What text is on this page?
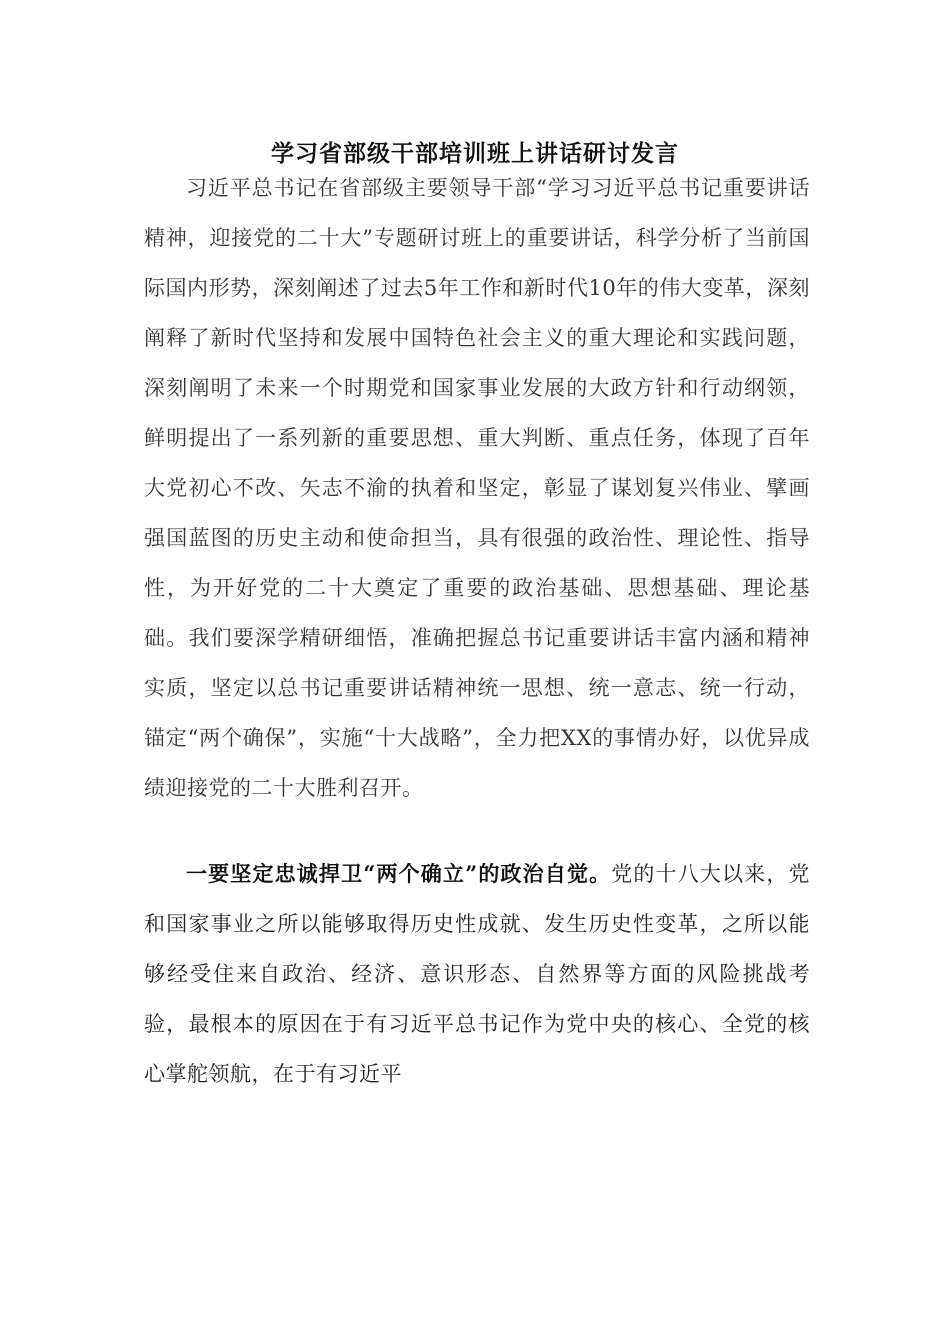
学习省部级干部培训班上讲话研讨发言

习近平总书记在省部级主要领导干部“学习习近平总书记重要讲话精神，迎接党的二十大”专题研讨班上的重要讲话，科学分析了当前国际国内形势，深刻阐述了过去5年工作和新时代10年的伟大变革，深刻阐释了新时代坚持和发展中国特色社会主义的重大理论和实践问题，深刻阐明了未来一个时期党和国家事业发展的大政方针和行动纲领，鲜明提出了一系列新的重要思想、重大判断、重点任务，体现了百年大党初心不改、矢志不渝的执着和坚定，彰显了谋划复兴伟业、擘画强国蓝图的历史主动和使命担当，具有很强的政治性、理论性、指导性，为开好党的二十大奠定了重要的政治基础、思想基础、理论基础。我们要深学精研细悟，准确把握总书记重要讲话丰富内涵和精神实质，坚定以总书记重要讲话精神统一思想、统一意志、统一行动，锚定“两个确保”，实施“十大战略”，全力把XX的事情办好，以优异成绩迎接党的二十大胜利召开。

一要坚定忠诚捍卫“两个确立”的政治自觉。党的十八大以来，党和国家事业之所以能够取得历史性成就、发生历史性变革，之所以能够经受住来自政治、经济、意识形态、自然界等方面的风险挑战考验，最根本的原因在于有习近平总书记作为党中央的核心、全党的核心掌舵领航，在于有习近平
